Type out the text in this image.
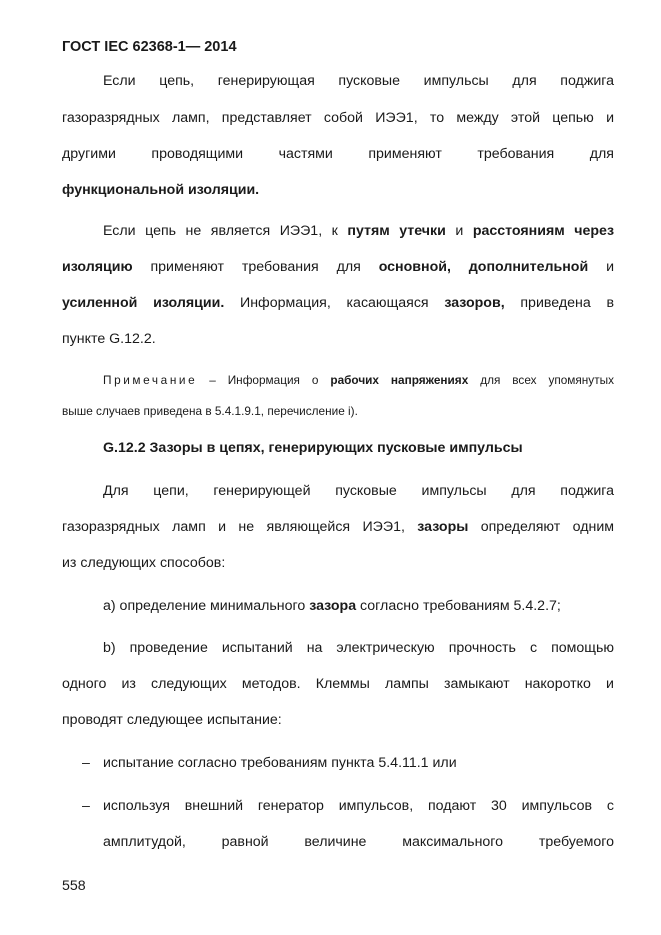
ГОСТ IEC 62368-1— 2014
Если цепь, генерирующая пусковые импульсы для поджига
газоразрядных ламп, представляет собой ИЭЭ1, то между этой цепью и
другими проводящими частями применяют требования для
функциональной изоляции.
Если цепь не является ИЭЭ1, к путям утечки и расстояниям через
изоляцию применяют требования для основной, дополнительной и
усиленной изоляции. Информация, касающаяся зазоров, приведена в
пункте G.12.2.
Примечание – Информация о рабочих напряжениях для всех упомянутых
выше случаев приведена в 5.4.1.9.1, перечисление i).
G.12.2 Зазоры в цепях, генерирующих пусковые импульсы
Для цепи, генерирующей пусковые импульсы для поджига
газоразрядных ламп и не являющейся ИЭЭ1, зазоры определяют одним
из следующих способов:
а) определение минимального зазора согласно требованиям 5.4.2.7;
b) проведение испытаний на электрическую прочность с помощью
одного из следующих методов. Клеммы лампы замыкают накоротко и
проводят следующее испытание:
– испытание согласно требованиям пункта 5.4.11.1 или
– используя внешний генератор импульсов, подают 30 импульсов с
амплитудой, равной величине максимального требуемого
558
